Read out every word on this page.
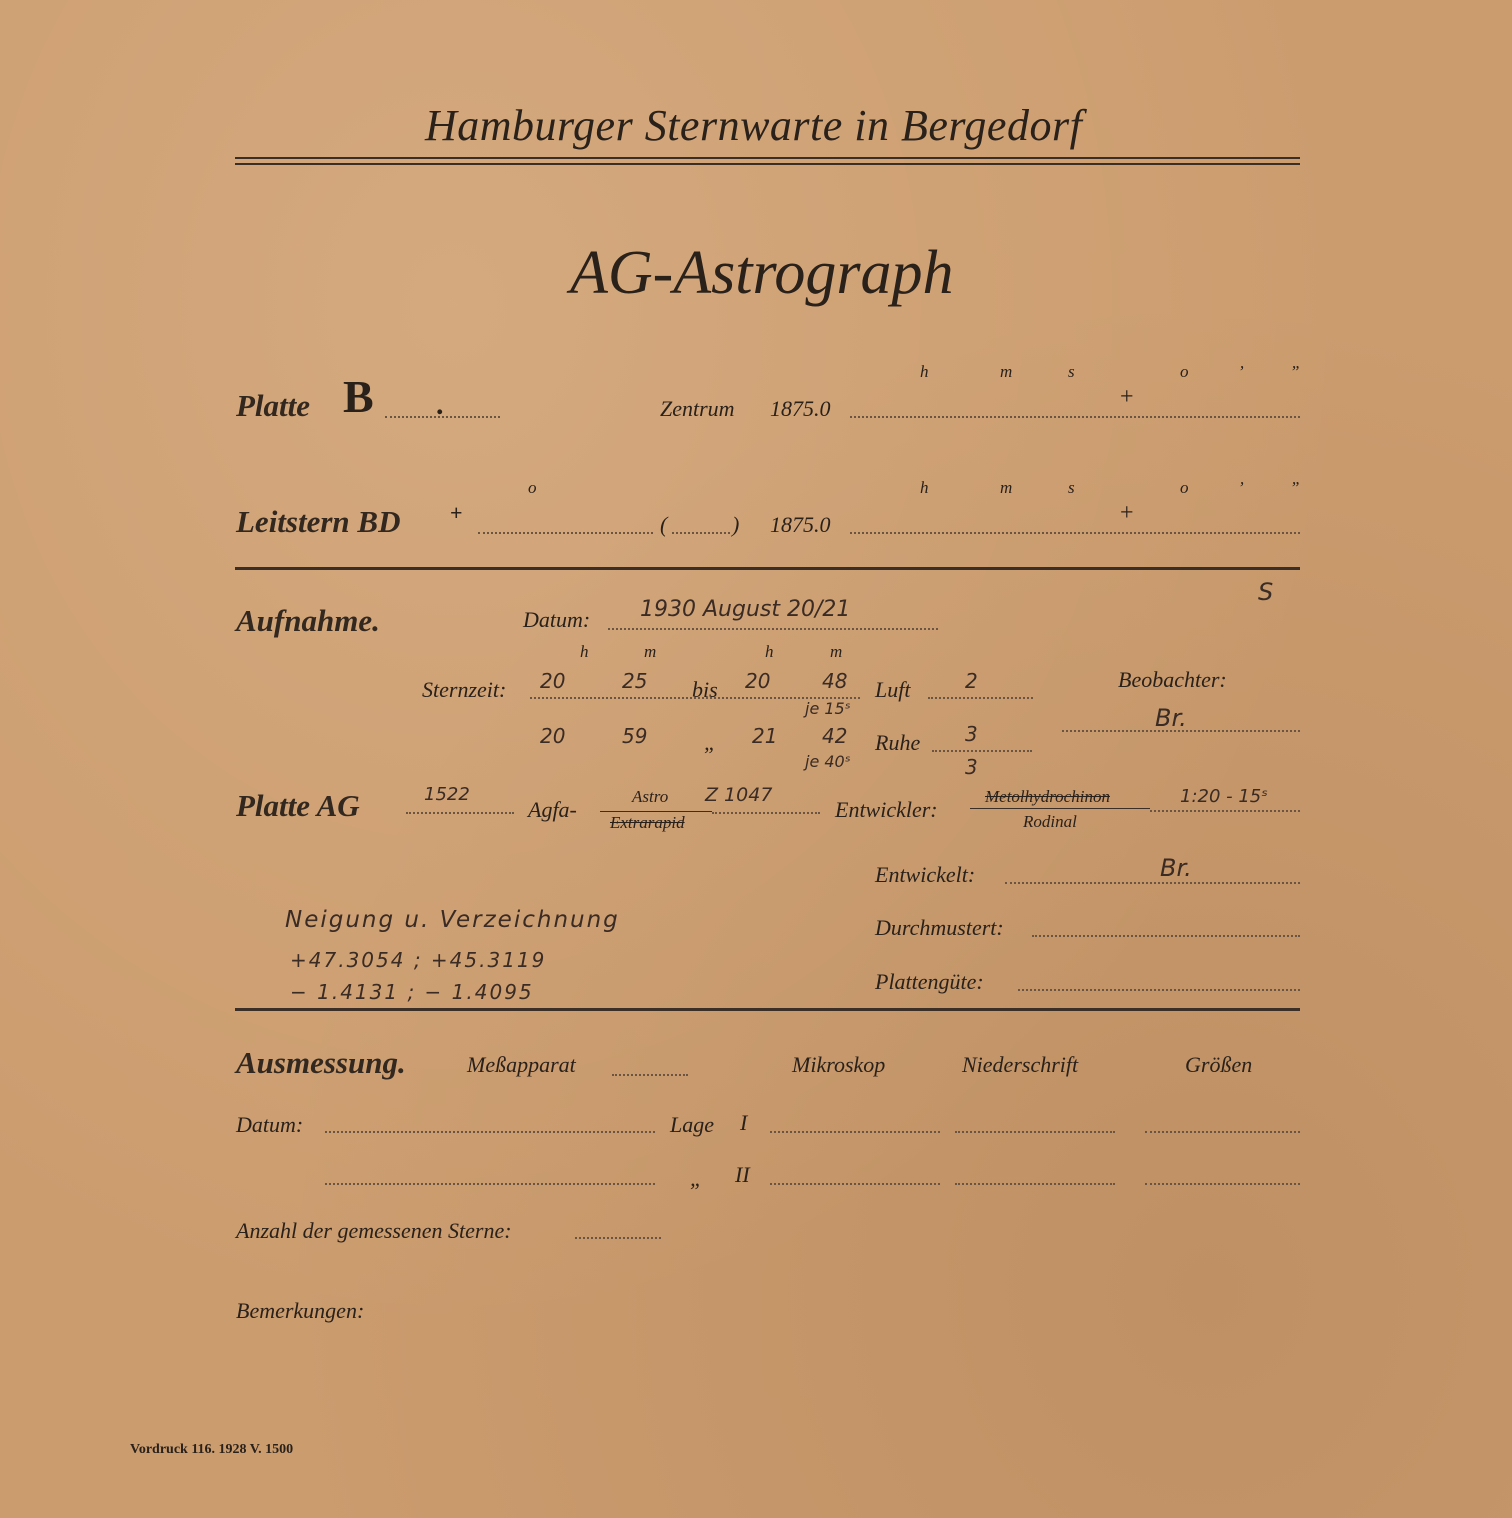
Hamburger Sternwarte in Bergedorf
AG-Astrograph
Platte B .	Zentrum 1875.0
h	m	s	o	’	”
+
Leitstern BD +
o
(	) 1875.0
h	m	s	o	’	”
+
Aufnahme.	Datum: 1930 August 20/21
S
h	m	h	m
Sternzeit: 20	25 bis 20	48
je 15ˢ
20	59	„ 21 42
je 40ˢ
Luft	2
Ruhe 3
3
Beobachter:
Br.
Platte AG	1522
Agfa-
Astro
Extrarapid
Z 1047
Entwickler:
Metolhydrochinon
Rodinal
1:20 - 15ˢ
Entwickelt:	Br.
Durchmustert:
Plattengüte:
Neigung u. Verzeichnung
+47.3054 ; +45.3119
− 1.4131 ; − 1.4095
Ausmessung.	Meßapparat	Mikroskop	Niederschrift	Größen
Datum:	Lage I
„ II
Anzahl der gemessenen Sterne:
Bemerkungen:
Vordruck 116. 1928 V. 1500
